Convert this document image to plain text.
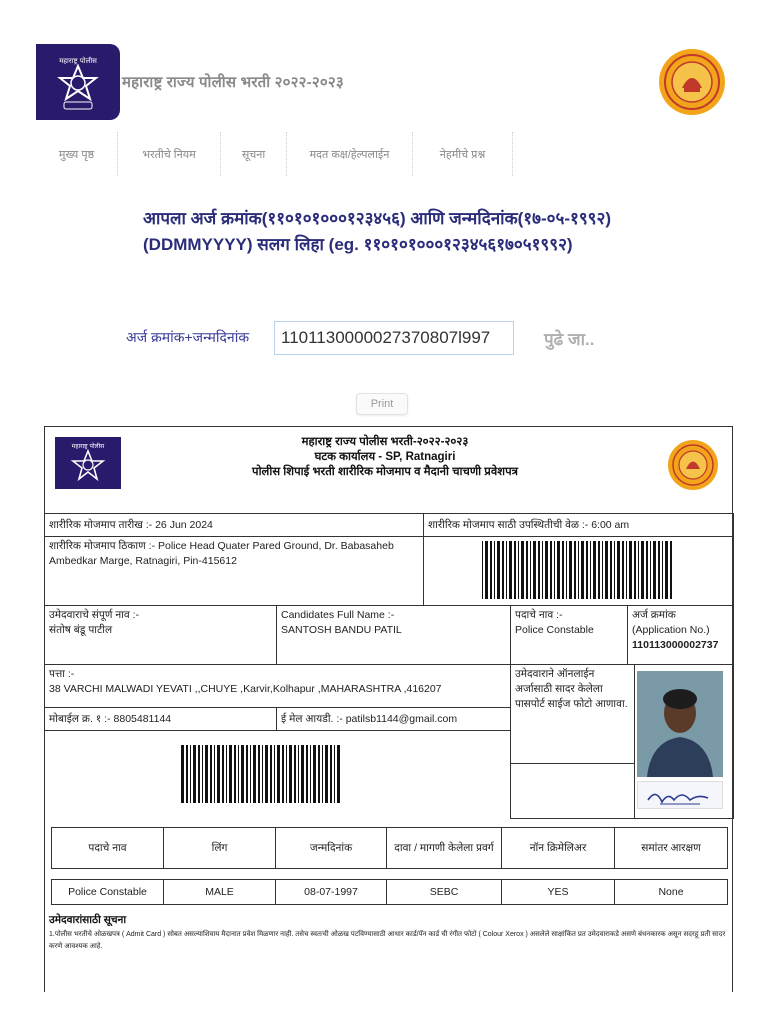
महाराष्ट्र पोलीस
महाराष्ट्र राज्य पोलीस भरती २०२२-२०२३
मुख्य पृष्ठ	भरतीचे नियम	सूचना	मदत कक्ष/हेल्पलाईन	नेहमीचे प्रश्न
आपला अर्ज क्रमांक(११०१०१०००१२३४५६) आणि जन्मदिनांक(१७-०५-१९९२)
(DDMMYYYY) सलग लिहा (eg. ११०१०१०००१२३४५६१७०५१९९२)
अर्ज क्रमांक+जन्मदिनांक
1101130000027370807l997	पुढे जा..
Print
महाराष्ट्र पोलीस	महाराष्ट्र राज्य पोलीस भरती-२०२२-२०२३
घटक कार्यालय - SP, Ratnagiri
पोलीस शिपाई भरती शारीरिक मोजमाप व मैदानी चाचणी प्रवेशपत्र
शारीरिक मोजमाप तारीख :- 26 Jun 2024	शारीरिक मोजमाप साठी उपस्थितीची वेळ :- 6:00 am
शारीरिक मोजमाप ठिकाण :- Police Head Quater Pared Ground, Dr. Babasaheb Ambedkar Marge, Ratnagiri, Pin-415612
उमेदवाराचे संपूर्ण नाव :-
संतोष बंडू पाटील
Candidates Full Name :-
SANTOSH BANDU PATIL
पदाचे नाव :-
Police Constable
अर्ज क्रमांक
(Application No.)
110113000002737
पत्ता :-
38 VARCHI MALWADI YEVATI ,,CHUYE ,Karvir,Kolhapur ,MAHARASHTRA ,416207
उमेदवाराने ऑनलाईन अर्जासाठी सादर केलेला पासपोर्ट साईज फोटो आणावा.
मोबाईल क्र. १ :- 8805481144	ई मेल आयडी. :- patilsb1144@gmail.com
पदाचे नाव	लिंग	जन्मदिनांक	दावा / मागणी केलेला प्रवर्ग	नॉन क्रिमेलिअर	समांतर आरक्षण
Police Constable	MALE	08-07-1997	SEBC	YES	None
उमेदवारांसाठी सूचना
1.पोलीस भरतीचे ओळखपत्र ( Admit Card ) सोबत असल्याशिवाय मैदानात प्रवेश मिळणार नाही. तसेच स्वतःची ओळख पटविण्यासाठी आधार कार्ड/पॅन कार्ड ची रंगीत फोटो ( Colour Xerox ) असलेले साक्षांकित प्रत उमेदवाराकडे असणे बंधनकारक असून सदरहू प्रती सादर करणे आवश्यक आहे.
